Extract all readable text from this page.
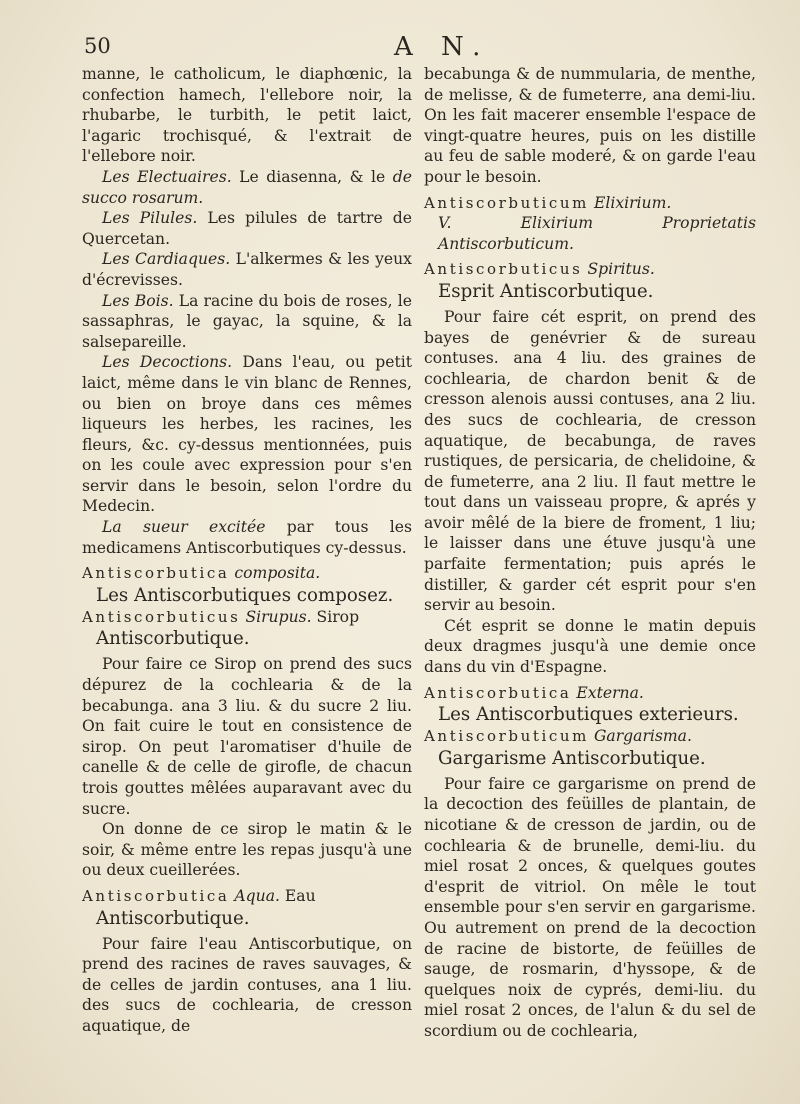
50	A N.

manne, le catholicum, le diaphœnic, la confection hamech, l'ellebore noir, la rhubarbe, le turbith, le petit laict, l'agaric trochisqué, & l'extrait de l'ellebore noir.

Les Electuaires. Le diasenna, & le de succo rosarum.

Les Pilules. Les pilules de tartre de Quercetan.

Les Cardiaques. L'alkermes & les yeux d'écrevisses.

Les Bois. La racine du bois de roses, le sassaphras, le gayac, la squine, & la salsepareille.

Les Decoctions. Dans l'eau, ou petit laict, même dans le vin blanc de Rennes, ou bien on broye dans ces mêmes liqueurs les herbes, les racines, les fleurs, &c. cy-dessus mentionnées, puis on les coule avec expression pour s'en servir dans le besoin, selon l'ordre du Medecin.

La sueur excitée par tous les medicamens Antiscorbutiques cy-dessus.

Antiscorbutica composita.

Les Antiscorbutiques composez.

Antiscorbuticus Sirupus. Sirop

Antiscorbutique.

Pour faire ce Sirop on prend des sucs dépurez de la cochlearia & de la becabunga. ana 3 liu. & du sucre 2 liu. On fait cuire le tout en consistence de sirop. On peut l'aromatiser d'huile de canelle & de celle de girofle, de chacun trois gouttes mêlées auparavant avec du sucre.

On donne de ce sirop le matin & le soir, & même entre les repas jusqu'à une ou deux cueillerées.

Antiscorbutica Aqua. Eau

Antiscorbutique.

Pour faire l'eau Antiscorbutique, on prend des racines de raves sauvages, & de celles de jardin contuses, ana 1 liu. des sucs de cochlearia, de cresson aquatique, de

becabunga & de nummularia, de menthe, de melisse, & de fumeterre, ana demi-liu. On les fait macerer ensemble l'espace de vingt-quatre heures, puis on les distille au feu de sable moderé, & on garde l'eau pour le besoin.

Antiscorbuticum Elixirium.

V. Elixirium Proprietatis Antiscorbuticum.

Antiscorbuticus Spiritus.

Esprit Antiscorbutique.

Pour faire cét esprit, on prend des bayes de genévrier & de sureau contuses. ana 4 liu. des graines de cochlearia, de chardon benit & de cresson alenois aussi contuses, ana 2 liu. des sucs de cochlearia, de cresson aquatique, de becabunga, de raves rustiques, de persicaria, de chelidoine, & de fumeterre, ana 2 liu. Il faut mettre le tout dans un vaisseau propre, & aprés y avoir mêlé de la biere de froment, 1 liu; le laisser dans une étuve jusqu'à une parfaite fermentation; puis aprés le distiller, & garder cét esprit pour s'en servir au besoin.

Cét esprit se donne le matin depuis deux dragmes jusqu'à une demie once dans du vin d'Espagne.

Antiscorbutica Externa.

Les Antiscorbutiques exterieurs.

Antiscorbuticum Gargarisma.

Gargarisme Antiscorbutique.

Pour faire ce gargarisme on prend de la decoction des feüilles de plantain, de nicotiane & de cresson de jardin, ou de cochlearia & de brunelle, demi-liu. du miel rosat 2 onces, & quelques goutes d'esprit de vitriol. On mêle le tout ensemble pour s'en servir en gargarisme. Ou autrement on prend de la decoction de racine de bistorte, de feüilles de sauge, de rosmarin, d'hyssope, & de quelques noix de cyprés, demi-liu. du miel rosat 2 onces, de l'alun & du sel de scordium ou de cochlearia,
